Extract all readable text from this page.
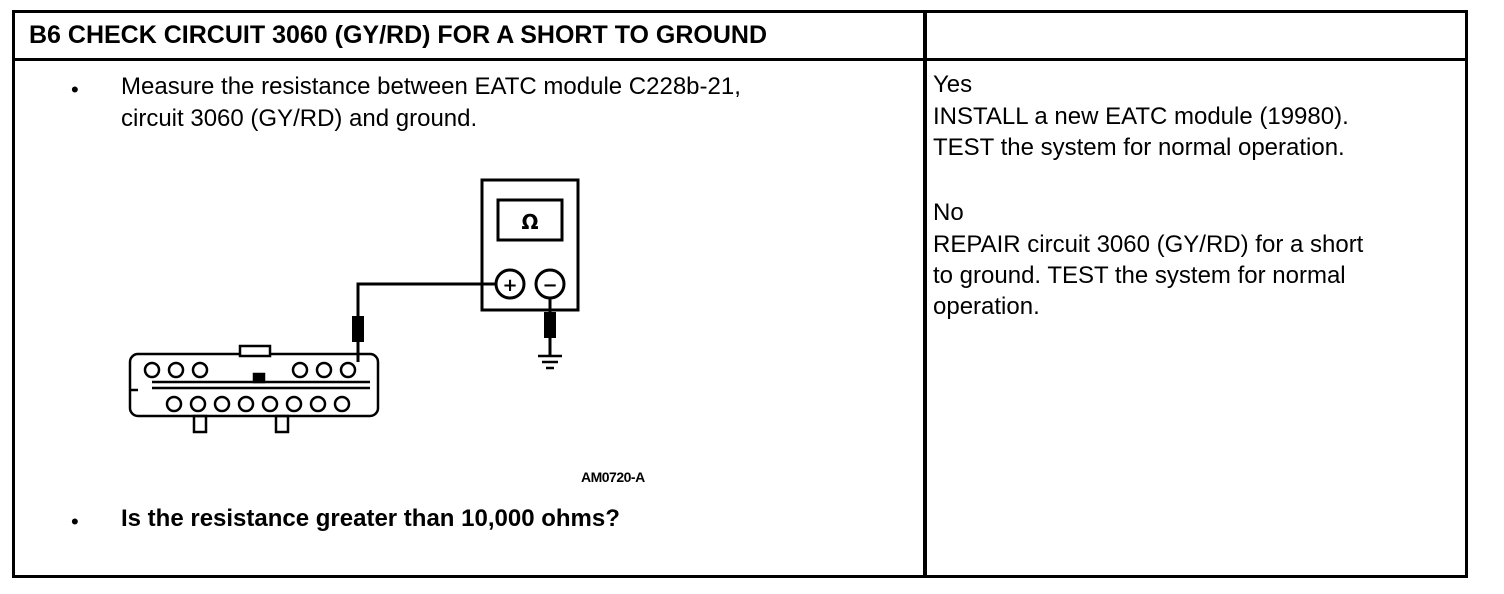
B6 CHECK CIRCUIT 3060 (GY/RD) FOR A SHORT TO GROUND
• Measure the resistance between EATC module C228b-21,
circuit 3060 (GY/RD) and ground.
• Is the resistance greater than 10,000 ohms?
AM0720-A
Yes
INSTALL a new EATC module (19980).
TEST the system for normal operation.
No
REPAIR circuit 3060 (GY/RD) for a short
to ground. TEST the system for normal
operation.
Ω
+ −
